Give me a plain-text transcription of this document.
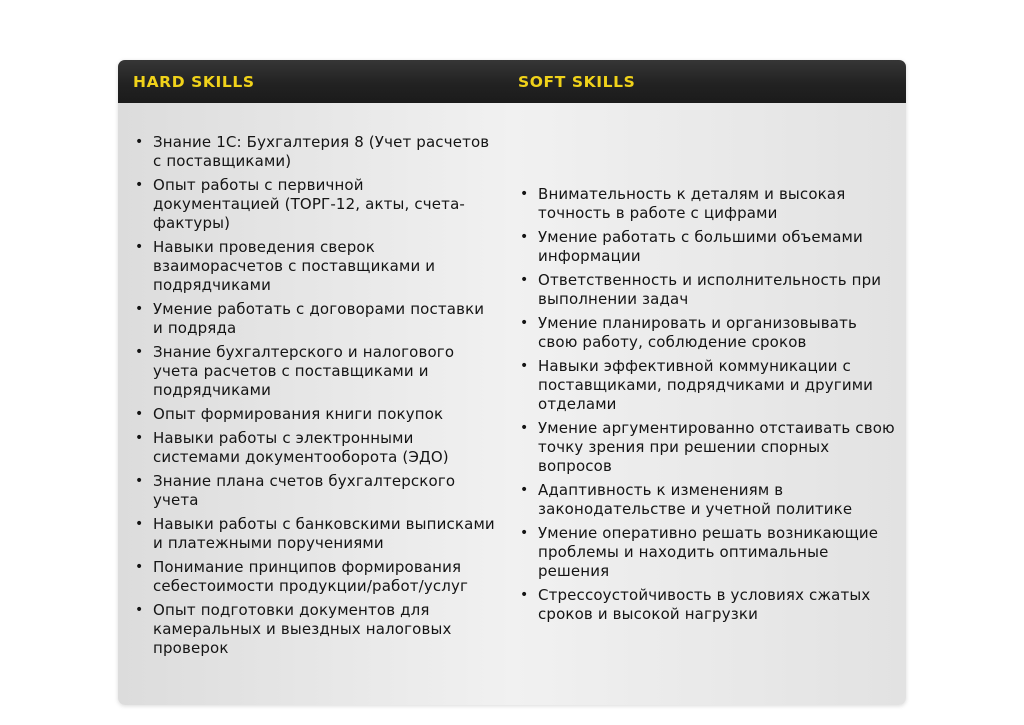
HARD SKILLS	SOFT SKILLS
• Знание 1С: Бухгалтерия 8 (Учет расчетов с поставщиками)
• Опыт работы с первичной документацией (ТОРГ-12, акты, счета-фактуры)
• Навыки проведения сверок взаиморасчетов с поставщиками и подрядчиками
• Умение работать с договорами поставки и подряда
• Знание бухгалтерского и налогового учета расчетов с поставщиками и подрядчиками
• Опыт формирования книги покупок
• Навыки работы с электронными системами документооборота (ЭДО)
• Знание плана счетов бухгалтерского учета
• Навыки работы с банковскими выписками и платежными поручениями
• Понимание принципов формирования себестоимости продукции/работ/услуг
• Опыт подготовки документов для камеральных и выездных налоговых проверок
• Внимательность к деталям и высокая точность в работе с цифрами
• Умение работать с большими объемами информации
• Ответственность и исполнительность при выполнении задач
• Умение планировать и организовывать свою работу, соблюдение сроков
• Навыки эффективной коммуникации с поставщиками, подрядчиками и другими отделами
• Умение аргументированно отстаивать свою точку зрения при решении спорных вопросов
• Адаптивность к изменениям в законодательстве и учетной политике
• Умение оперативно решать возникающие проблемы и находить оптимальные решения
• Стрессоустойчивость в условиях сжатых сроков и высокой нагрузки
